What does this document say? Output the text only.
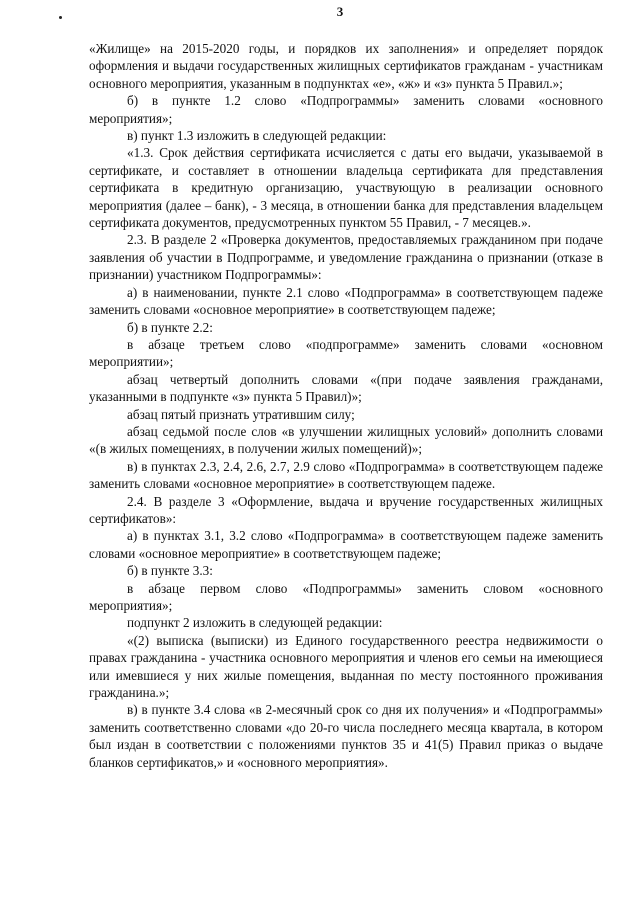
3

«Жилище» на 2015-2020 годы, и порядков их заполнения» и определяет порядок оформления и выдачи государственных жилищных сертификатов гражданам - участникам основного мероприятия, указанным в подпунктах «е», «ж» и «з» пункта 5 Правил.»;

б) в пункте 1.2 слово «Подпрограммы» заменить словами «основного мероприятия»;

в) пункт 1.3 изложить в следующей редакции:

«1.3. Срок действия сертификата исчисляется с даты его выдачи, указываемой в сертификате, и составляет в отношении владельца сертификата для представления сертификата в кредитную организацию, участвующую в реализации основного мероприятия (далее – банк), - 3 месяца, в отношении банка для представления владельцем сертификата документов, предусмотренных пунктом 55 Правил, - 7 месяцев.».

2.3. В разделе 2 «Проверка документов, предоставляемых гражданином при подаче заявления об участии в Подпрограмме, и уведомление гражданина о признании (отказе в признании) участником Подпрограммы»:

а) в наименовании, пункте 2.1 слово «Подпрограмма» в соответствующем падеже заменить словами «основное мероприятие» в соответствующем падеже;

б) в пункте 2.2:

в абзаце третьем слово «подпрограмме» заменить словами «основном мероприятии»;

абзац четвертый дополнить словами «(при подаче заявления гражданами, указанными в подпункте «з» пункта 5 Правил)»;

абзац пятый признать утратившим силу;

абзац седьмой после слов «в улучшении жилищных условий» дополнить словами «(в жилых помещениях, в получении жилых помещений)»;

в) в пунктах 2.3, 2.4, 2.6, 2.7, 2.9 слово «Подпрограмма» в соответствующем падеже заменить словами «основное мероприятие» в соответствующем падеже.

2.4. В разделе 3 «Оформление, выдача и вручение государственных жилищных сертификатов»:

а) в пунктах 3.1, 3.2 слово «Подпрограмма» в соответствующем падеже заменить словами «основное мероприятие» в соответствующем падеже;

б) в пункте 3.3:

в абзаце первом слово «Подпрограммы» заменить словом «основного мероприятия»;

подпункт 2 изложить в следующей редакции:

«(2) выписка (выписки) из Единого государственного реестра недвижимости о правах гражданина - участника основного мероприятия и членов его семьи на имеющиеся или имевшиеся у них жилые помещения, выданная по месту постоянного проживания гражданина.»;

в) в пункте 3.4 слова «в 2-месячный срок со дня их получения» и «Подпрограммы» заменить соответственно словами «до 20-го числа последнего месяца квартала, в котором был издан в соответствии с положениями пунктов 35 и 41(5) Правил приказ о выдаче бланков сертификатов,» и «основного мероприятия».
